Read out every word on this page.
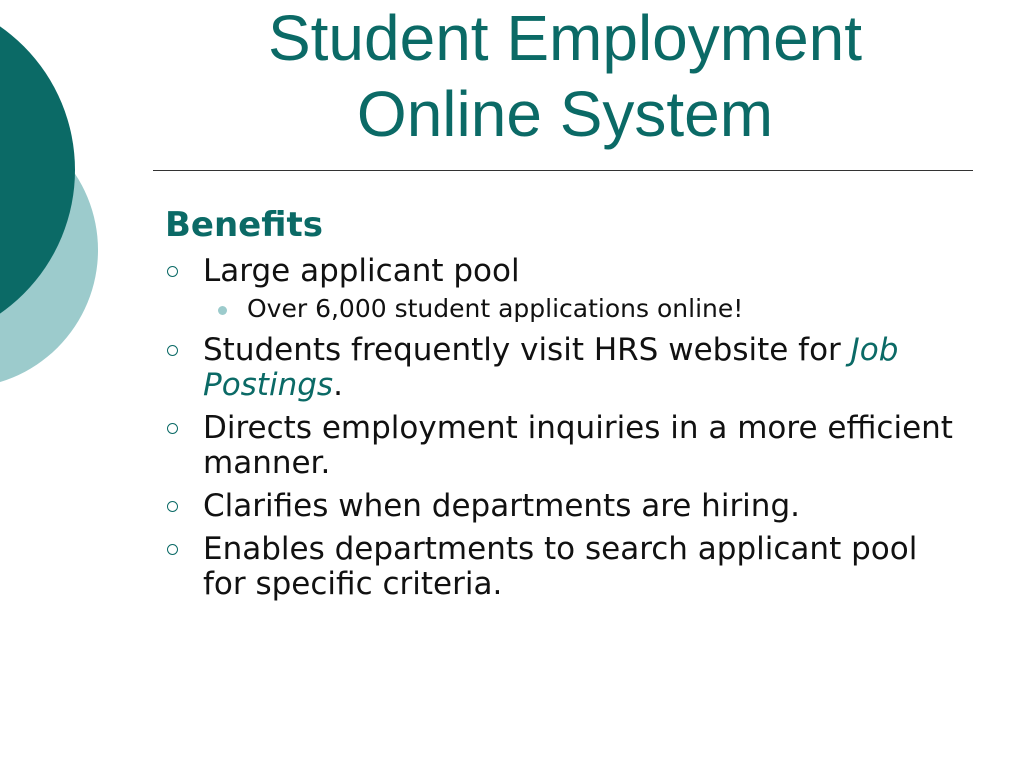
Student Employment
Online System
Benefits
Large applicant pool
Over 6,000 student applications online!
Students frequently visit HRS website for Job Postings.
Directs employment inquiries in a more efficient manner.
Clarifies when departments are hiring.
Enables departments to search applicant pool for specific criteria.
